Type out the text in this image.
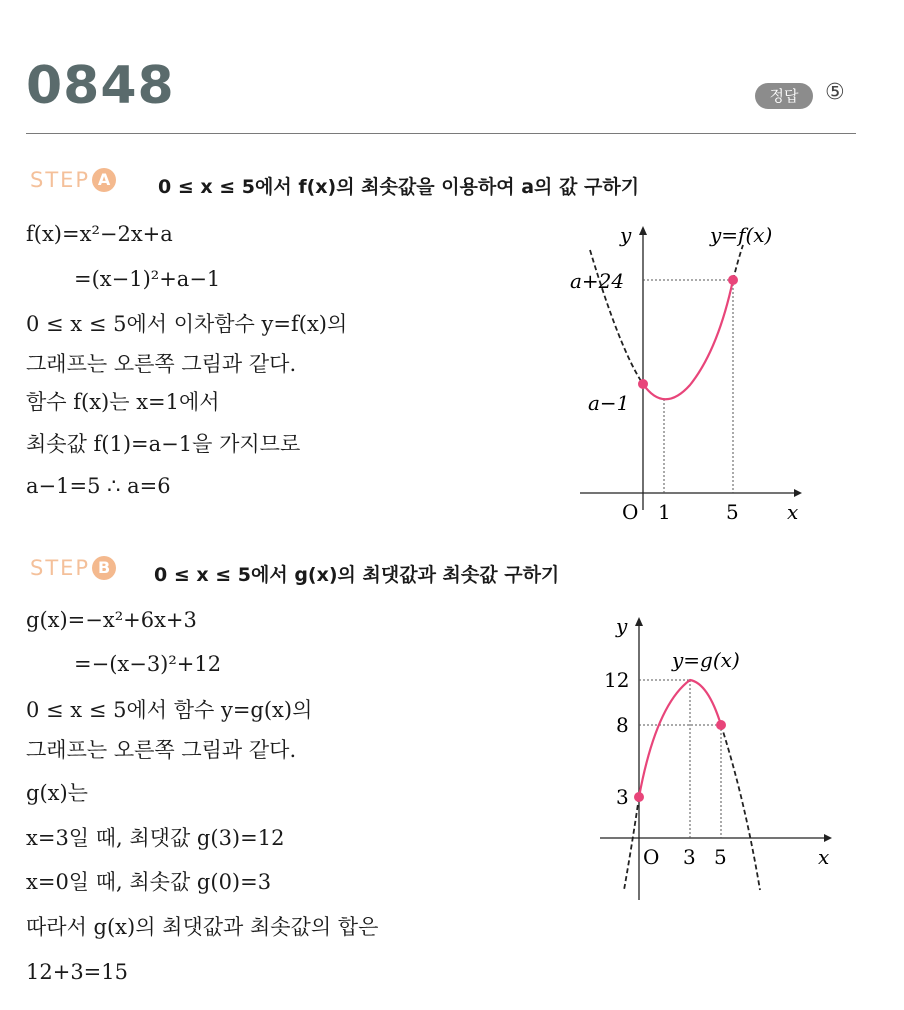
0848	정답	⑤
STEP A	0 ≤ x ≤ 5에서 f(x)의 최솟값을 이용하여 a의 값 구하기
f(x)=x²−2x+a
=(x−1)²+a−1
0 ≤ x ≤ 5에서 이차함수 y=f(x)의
그래프는 오른쪽 그림과 같다.
함수 f(x)는 x=1에서
최솟값 f(1)=a−1을 가지므로
a−1=5 ∴ a=6
y	y=f(x)
a+24
a−1
O 1	5 x
STEP B	0 ≤ x ≤ 5에서 g(x)의 최댓값과 최솟값 구하기
g(x)=−x²+6x+3
=−(x−3)²+12
0 ≤ x ≤ 5에서 함수 y=g(x)의
그래프는 오른쪽 그림과 같다.
g(x)는
x=3일 때, 최댓값 g(3)=12
x=0일 때, 최솟값 g(0)=3
따라서 g(x)의 최댓값과 최솟값의 합은
12+3=15
y
y=g(x)
12
8
3
O 3 5	x
